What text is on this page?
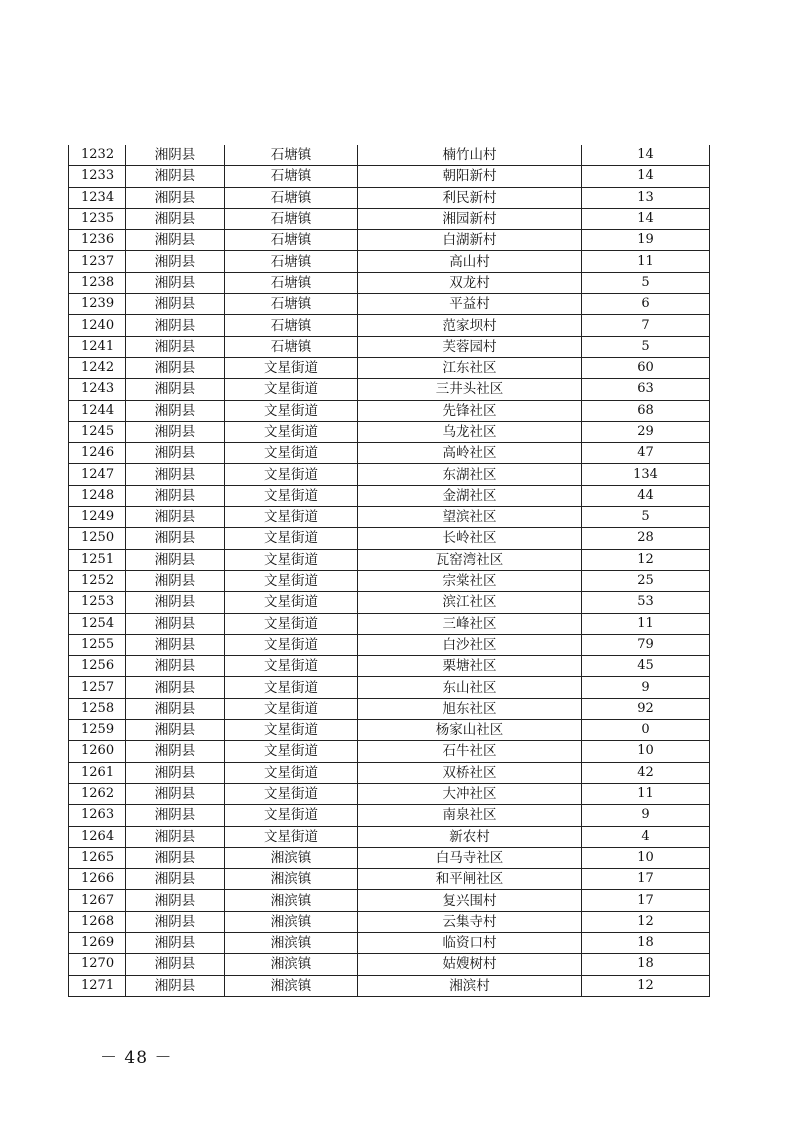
1232	湘阴县	石塘镇	楠竹山村	14
1233	湘阴县	石塘镇	朝阳新村	14
1234	湘阴县	石塘镇	利民新村	13
1235	湘阴县	石塘镇	湘园新村	14
1236	湘阴县	石塘镇	白湖新村	19
1237	湘阴县	石塘镇	高山村	11
1238	湘阴县	石塘镇	双龙村	5
1239	湘阴县	石塘镇	平益村	6
1240	湘阴县	石塘镇	范家坝村	7
1241	湘阴县	石塘镇	芙蓉园村	5
1242	湘阴县	文星街道	江东社区	60
1243	湘阴县	文星街道	三井头社区	63
1244	湘阴县	文星街道	先锋社区	68
1245	湘阴县	文星街道	乌龙社区	29
1246	湘阴县	文星街道	高岭社区	47
1247	湘阴县	文星街道	东湖社区	134
1248	湘阴县	文星街道	金湖社区	44
1249	湘阴县	文星街道	望滨社区	5
1250	湘阴县	文星街道	长岭社区	28
1251	湘阴县	文星街道	瓦窑湾社区	12
1252	湘阴县	文星街道	宗棠社区	25
1253	湘阴县	文星街道	滨江社区	53
1254	湘阴县	文星街道	三峰社区	11
1255	湘阴县	文星街道	白沙社区	79
1256	湘阴县	文星街道	栗塘社区	45
1257	湘阴县	文星街道	东山社区	9
1258	湘阴县	文星街道	旭东社区	92
1259	湘阴县	文星街道	杨家山社区	0
1260	湘阴县	文星街道	石牛社区	10
1261	湘阴县	文星街道	双桥社区	42
1262	湘阴县	文星街道	大冲社区	11
1263	湘阴县	文星街道	南泉社区	9
1264	湘阴县	文星街道	新农村	4
1265	湘阴县	湘滨镇	白马寺社区	10
1266	湘阴县	湘滨镇	和平闸社区	17
1267	湘阴县	湘滨镇	复兴围村	17
1268	湘阴县	湘滨镇	云集寺村	12
1269	湘阴县	湘滨镇	临资口村	18
1270	湘阴县	湘滨镇	姑嫂树村	18
1271	湘阴县	湘滨镇	湘滨村	12
－ 48 －
